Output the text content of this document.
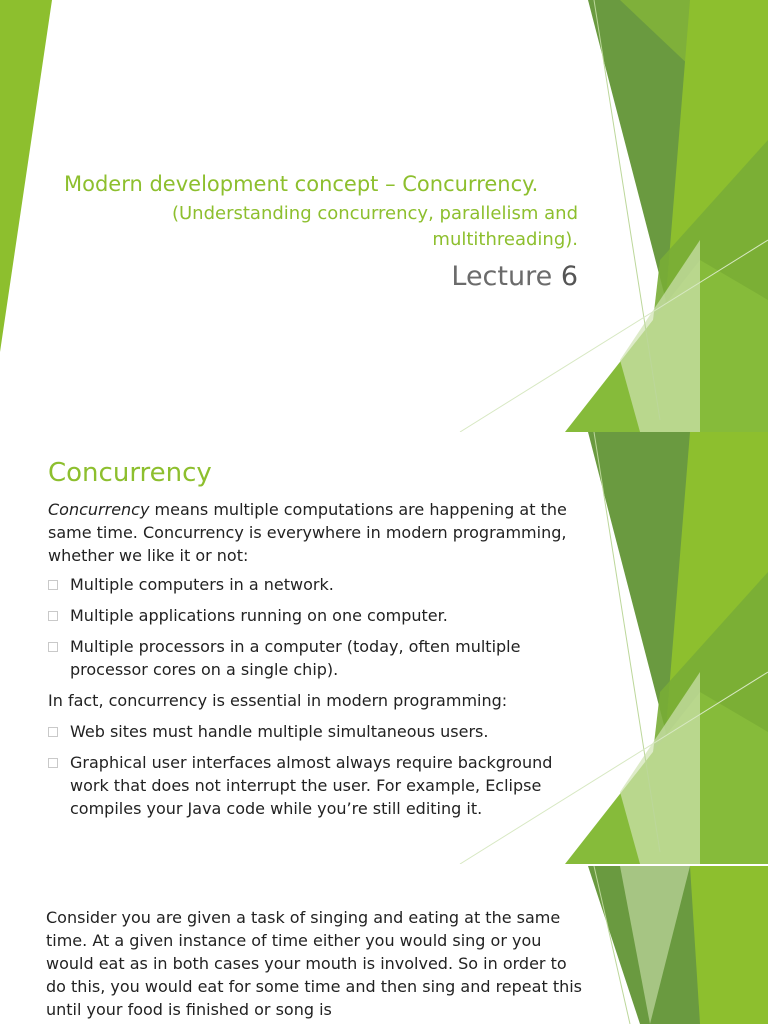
Modern development concept – Concurrency.
(Understanding concurrency, parallelism and multithreading).
Lecture 6
Concurrency

Concurrency means multiple computations are happening at the same time. Concurrency is everywhere in modern programming, whether we like it or not:

Multiple computers in a network.
Multiple applications running on one computer.
Multiple processors in a computer (today, often multiple processor cores on a single chip).

In fact, concurrency is essential in modern programming:

Web sites must handle multiple simultaneous users.
Graphical user interfaces almost always require background work that does not interrupt the user. For example, Eclipse compiles your Java code while you’re still editing it.
Consider you are given a task of singing and eating at the same time. At a given instance of time either you would sing or you would eat as in both cases your mouth is involved. So in order to do this, you would eat for some time and then sing and repeat this until your food is finished or song is
